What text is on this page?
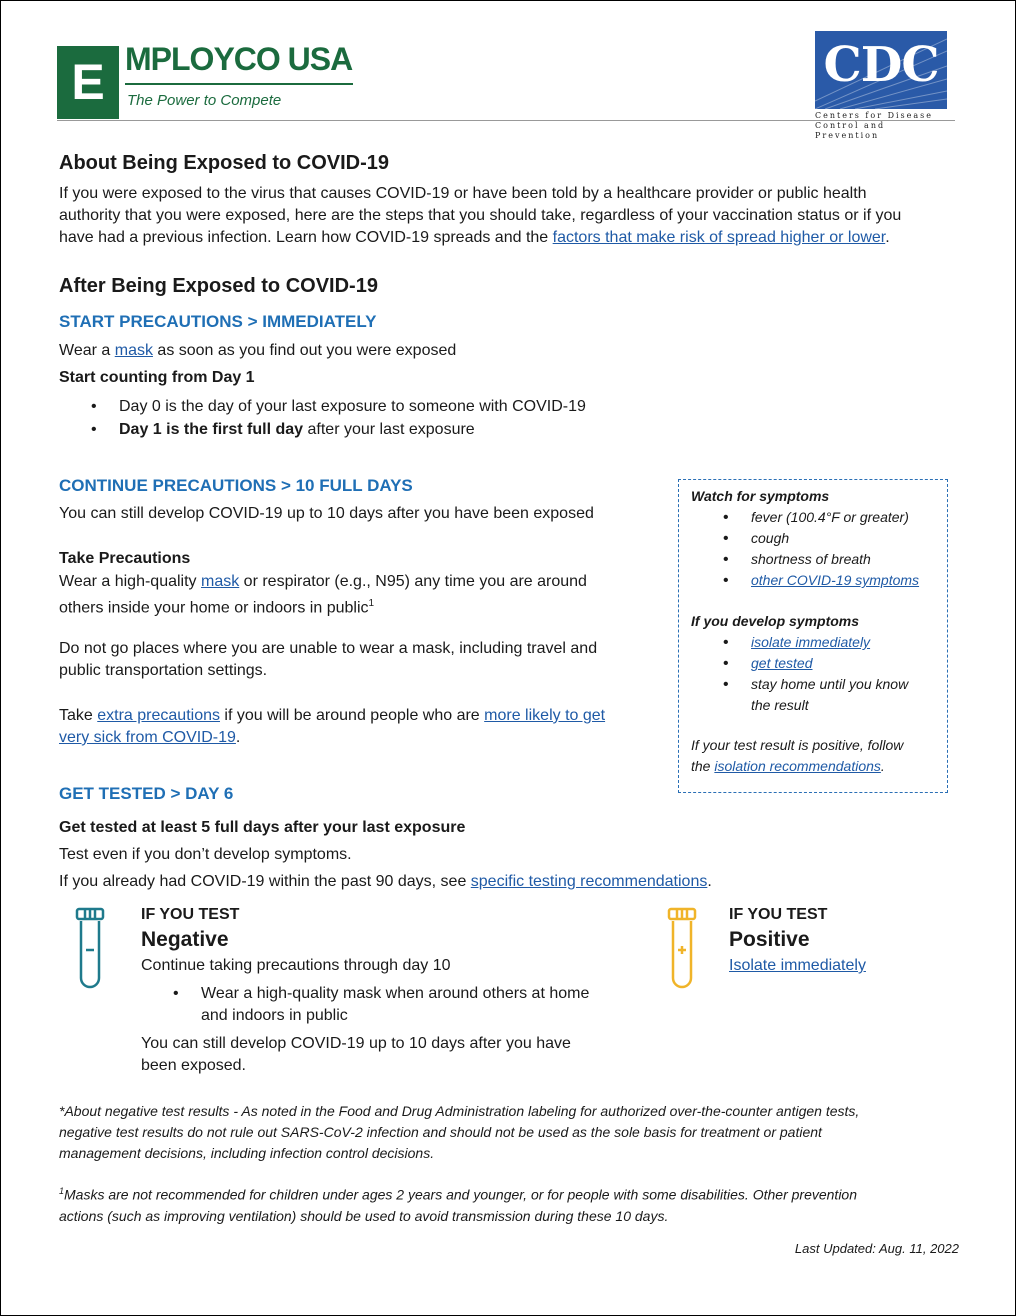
E MPLOYCO USA
The Power to Compete
CDC
Centers for Disease
Control and Prevention
About Being Exposed to COVID-19
If you were exposed to the virus that causes COVID-19 or have been told by a healthcare provider or public health
authority that you were exposed, here are the steps that you should take, regardless of your vaccination status or if you
have had a previous infection. Learn how COVID-19 spreads and the factors that make risk of spread higher or lower.
After Being Exposed to COVID-19
START PRECAUTIONS > IMMEDIATELY
Wear a mask as soon as you find out you were exposed
Start counting from Day 1
• Day 0 is the day of your last exposure to someone with COVID-19
• Day 1 is the first full day after your last exposure
CONTINUE PRECAUTIONS > 10 FULL DAYS
You can still develop COVID-19 up to 10 days after you have been exposed
Take Precautions
Wear a high-quality mask or respirator (e.g., N95) any time you are around
others inside your home or indoors in public$^1$
Do not go places where you are unable to wear a mask, including travel and
public transportation settings.
Take extra precautions if you will be around people who are more likely to get
very sick from COVID-19.
Watch for symptoms
• fever (100.4°F or greater)
• cough
• shortness of breath
• other COVID-19 symptoms
If you develop symptoms
• isolate immediately
• get tested
• stay home until you know
the result
If your test result is positive, follow
the isolation recommendations.
GET TESTED > DAY 6
Get tested at least 5 full days after your last exposure
Test even if you don’t develop symptoms.
If you already had COVID-19 within the past 90 days, see specific testing recommendations.
IF YOU TEST
Negative
Continue taking precautions through day 10
• Wear a high-quality mask when around others at home
and indoors in public
You can still develop COVID-19 up to 10 days after you have
been exposed.
IF YOU TEST
Positive
Isolate immediately
*About negative test results - As noted in the Food and Drug Administration labeling for authorized over-the-counter antigen tests,
negative test results do not rule out SARS-CoV-2 infection and should not be used as the sole basis for treatment or patient
management decisions, including infection control decisions.
$^1$Masks are not recommended for children under ages 2 years and younger, or for people with some disabilities. Other prevention
actions (such as improving ventilation) should be used to avoid transmission during these 10 days.
Last Updated: Aug. 11, 2022
